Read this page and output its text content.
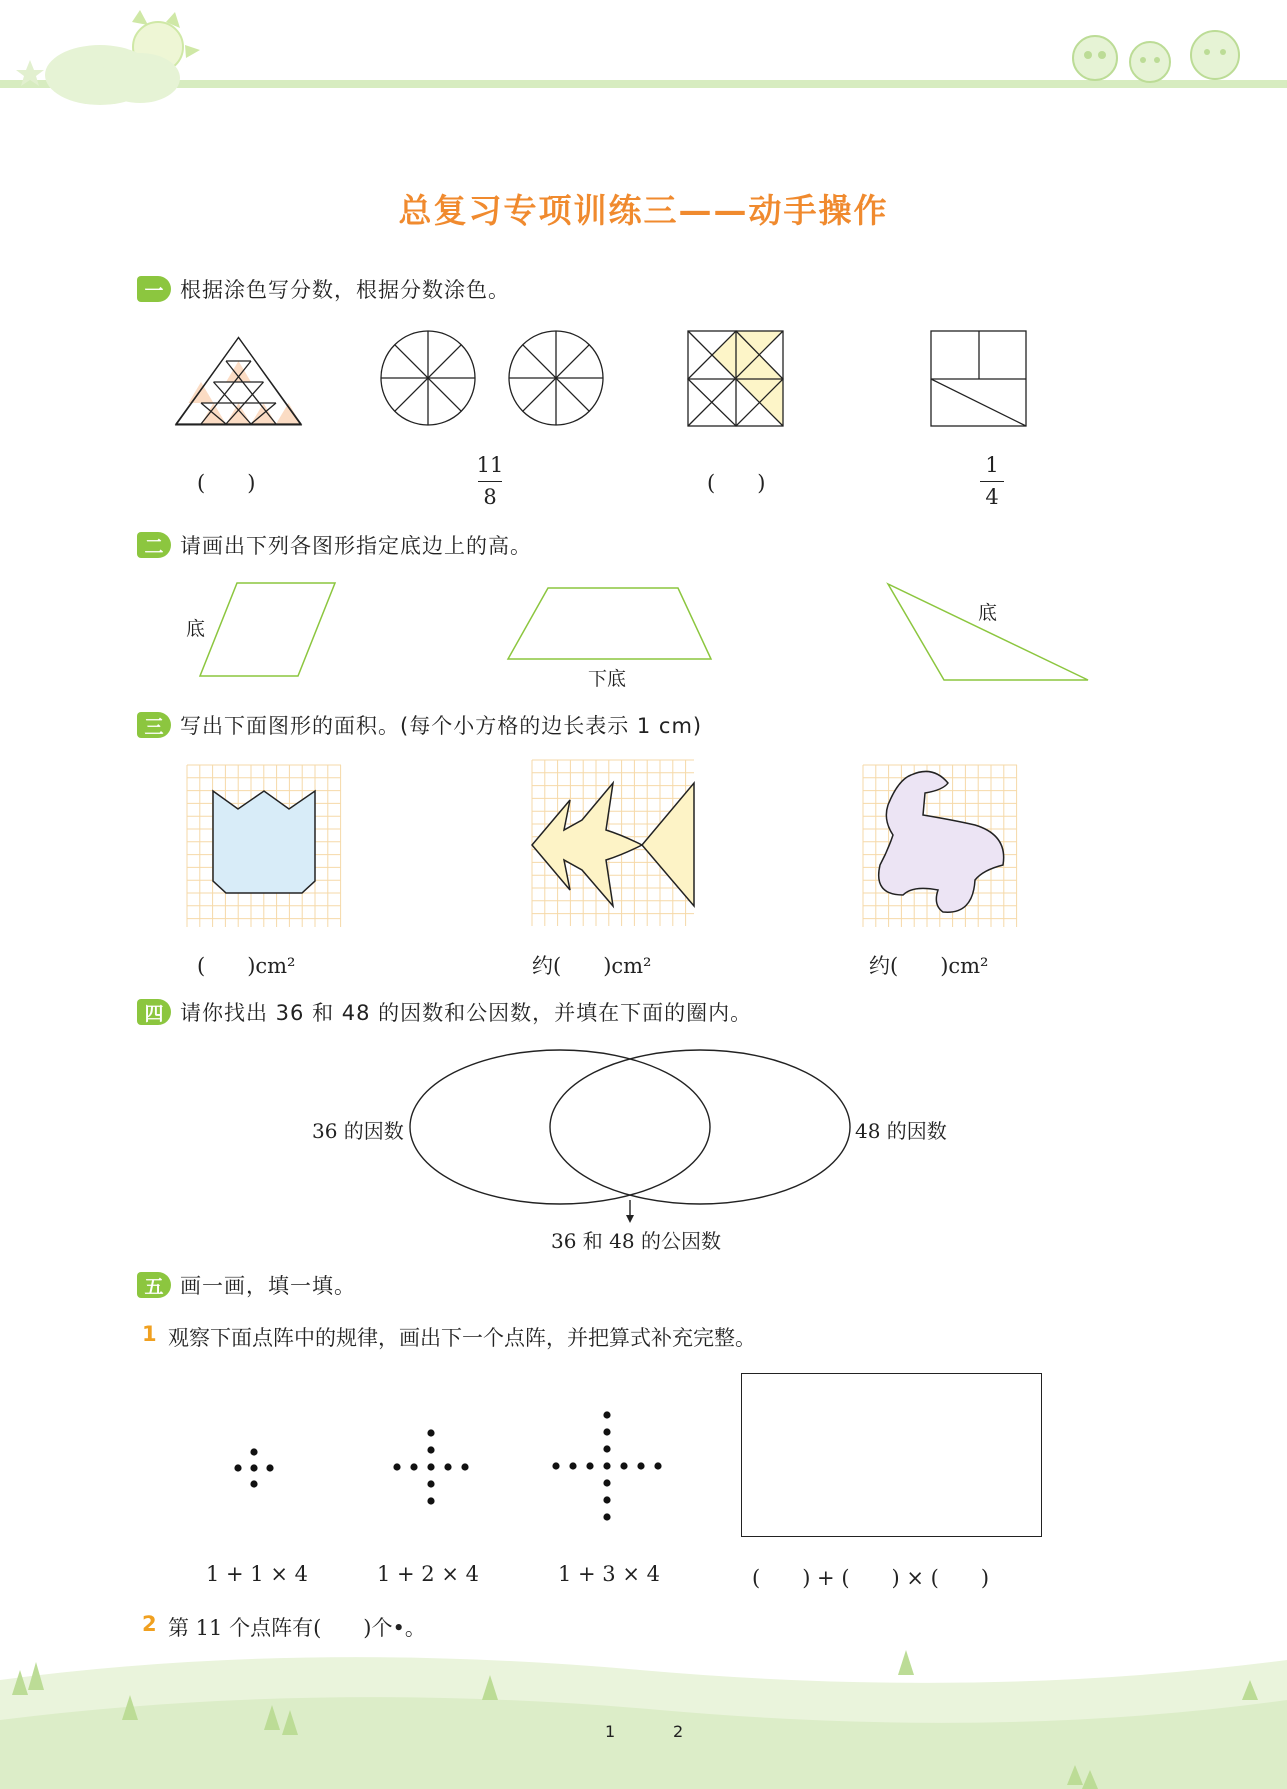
总复习专项训练三——动手操作
一 根据涂色写分数，根据分数涂色。
(　　)
11
8
(　　)
1
4
二 请画出下列各图形指定底边上的高。
底
下底
底
三 写出下面图形的面积。(每个小方格的边长表示 1 cm)
(　　)cm²	约(　　)cm²	约(　　)cm²
四 请你找出 36 和 48 的因数和公因数，并填在下面的圈内。
36 的因数	48 的因数
36 和 48 的公因数
五 画一画，填一填。
1 观察下面点阵中的规律，画出下一个点阵，并把算式补充完整。
1 + 1 × 4	1 + 2 × 4	1 + 3 × 4	(　　) + (　　) × (　　)
2 第 11 个点阵有(　　)个•。
1	2
